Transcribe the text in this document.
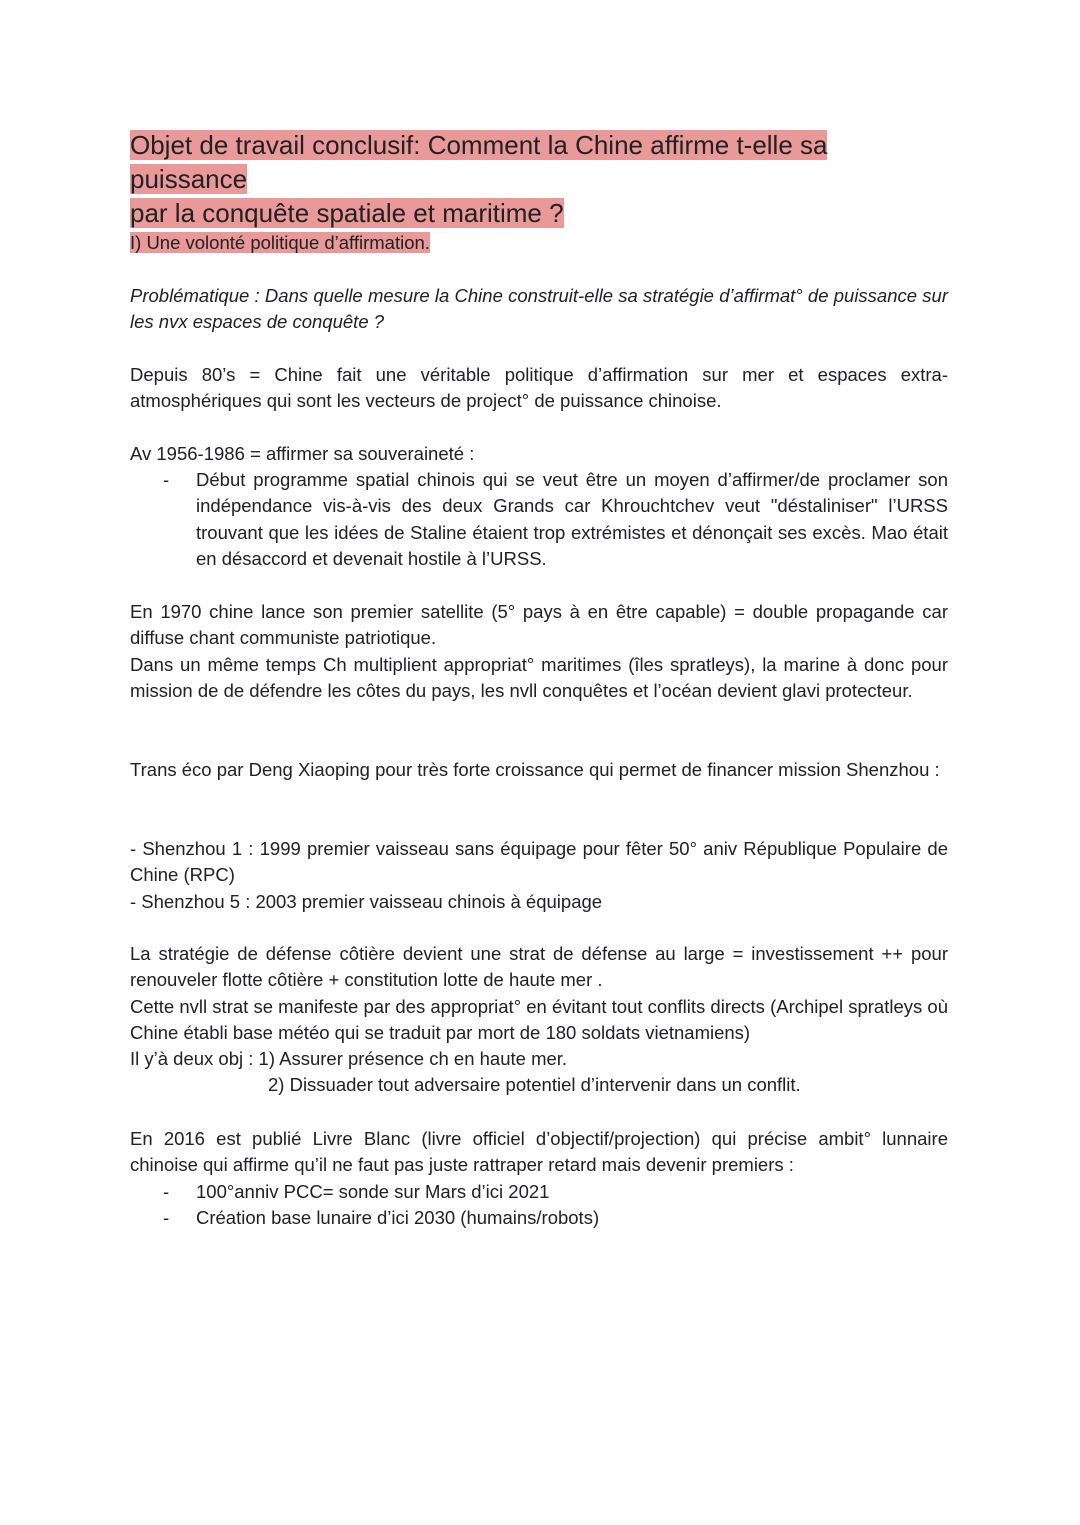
Objet de travail conclusif: Comment la Chine affirme t-elle sa puissance
par la conquête spatiale et maritime ?
I) Une volonté politique d’affirmation.

Problématique : Dans quelle mesure la Chine construit-elle sa stratégie d’affirmat° de puissance sur les nvx espaces de conquête ?

Depuis 80’s = Chine fait une véritable politique d’affirmation sur mer et espaces extra-atmosphériques qui sont les vecteurs de project° de puissance chinoise.

Av 1956-1986 = affirmer sa souveraineté :

- Début programme spatial chinois qui se veut être un moyen d’affirmer/de proclamer son indépendance vis-à-vis des deux Grands car Khrouchtchev veut "déstaliniser" l’URSS trouvant que les idées de Staline étaient trop extrémistes et dénonçait ses excès. Mao était en désaccord et devenait hostile à l’URSS.

En 1970 chine lance son premier satellite (5° pays à en être capable) = double propagande car diffuse chant communiste patriotique.
Dans un même temps Ch multiplient appropriat° maritimes (îles spratleys), la marine à donc pour mission de de défendre les côtes du pays, les nvll conquêtes et l’océan devient glavi protecteur.

Trans éco par Deng Xiaoping pour très forte croissance qui permet de financer mission Shenzhou :

- Shenzhou 1 : 1999 premier vaisseau sans équipage pour fêter 50° aniv République Populaire de Chine (RPC)
- Shenzhou 5 : 2003 premier vaisseau chinois à équipage

La stratégie de défense côtière devient une strat de défense au large = investissement ++ pour renouveler flotte côtière + constitution lotte de haute mer .
Cette nvll strat se manifeste par des appropriat° en évitant tout conflits directs (Archipel spratleys où Chine établi base météo qui se traduit par mort de 180 soldats vietnamiens)
Il y’à deux obj : 1) Assurer présence ch en haute mer.
2) Dissuader tout adversaire potentiel d’intervenir dans un conflit.

En 2016 est publié Livre Blanc (livre officiel d’objectif/projection) qui précise ambit° lunnaire chinoise qui affirme qu’il ne faut pas juste rattraper retard mais devenir premiers :

- 100°anniv PCC= sonde sur Mars d’ici 2021
- Création base lunaire d’ici 2030 (humains/robots)
